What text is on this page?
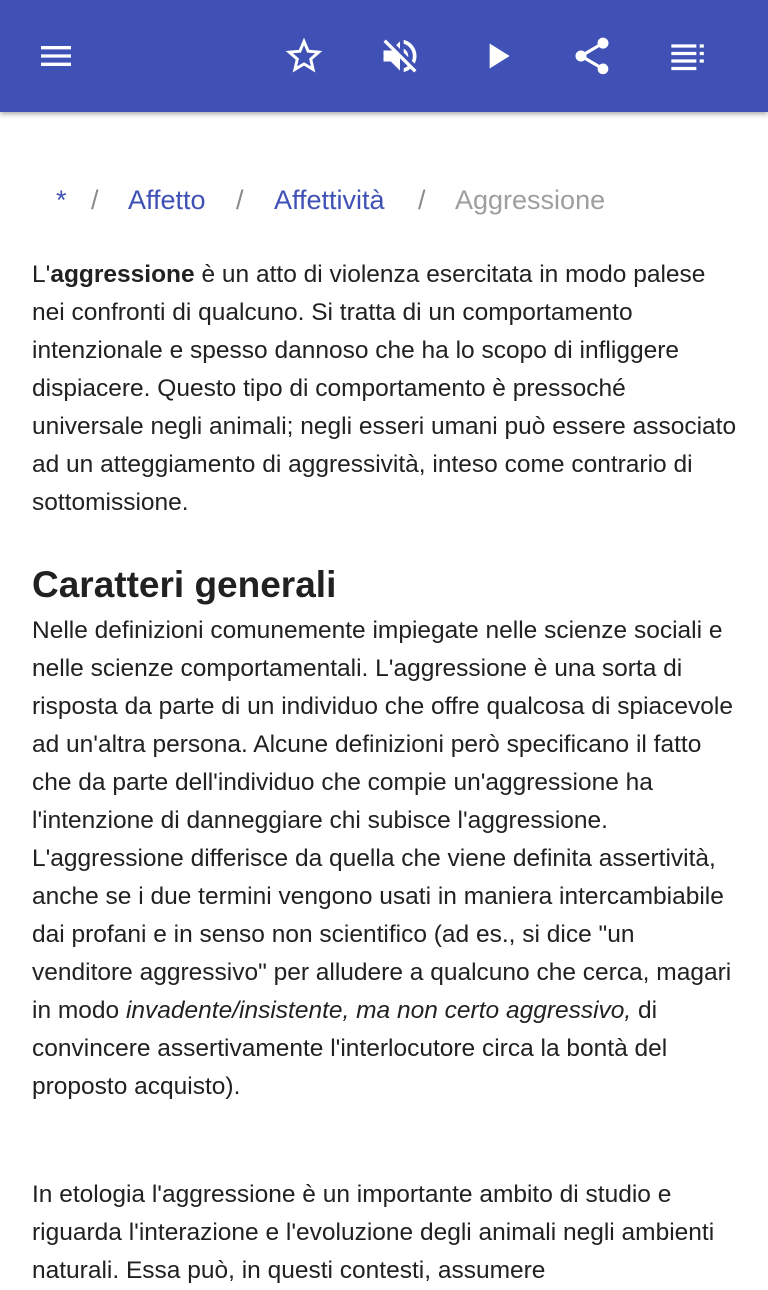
* / Affetto / Affettività / Aggressione

L'aggressione è un atto di violenza esercitata in modo palese nei confronti di qualcuno. Si tratta di un comportamento intenzionale e spesso dannoso che ha lo scopo di infliggere dispiacere. Questo tipo di comportamento è pressoché universale negli animali; negli esseri umani può essere associato ad un atteggiamento di aggressività, inteso come contrario di sottomissione.

Caratteri generali

Nelle definizioni comunemente impiegate nelle scienze sociali e nelle scienze comportamentali. L'aggressione è una sorta di risposta da parte di un individuo che offre qualcosa di spiacevole ad un'altra persona. Alcune definizioni però specificano il fatto che da parte dell'individuo che compie un'aggressione ha l'intenzione di danneggiare chi subisce l'aggressione. L'aggressione differisce da quella che viene definita assertività, anche se i due termini vengono usati in maniera intercambiabile dai profani e in senso non scientifico (ad es., si dice "un venditore aggressivo" per alludere a qualcuno che cerca, magari in modo invadente/insistente, ma non certo aggressivo, di convincere assertivamente l'interlocutore circa la bontà del proposto acquisto).

In etologia l'aggressione è un importante ambito di studio e riguarda l'interazione e l'evoluzione degli animali negli ambienti naturali. Essa può, in questi contesti, assumere
